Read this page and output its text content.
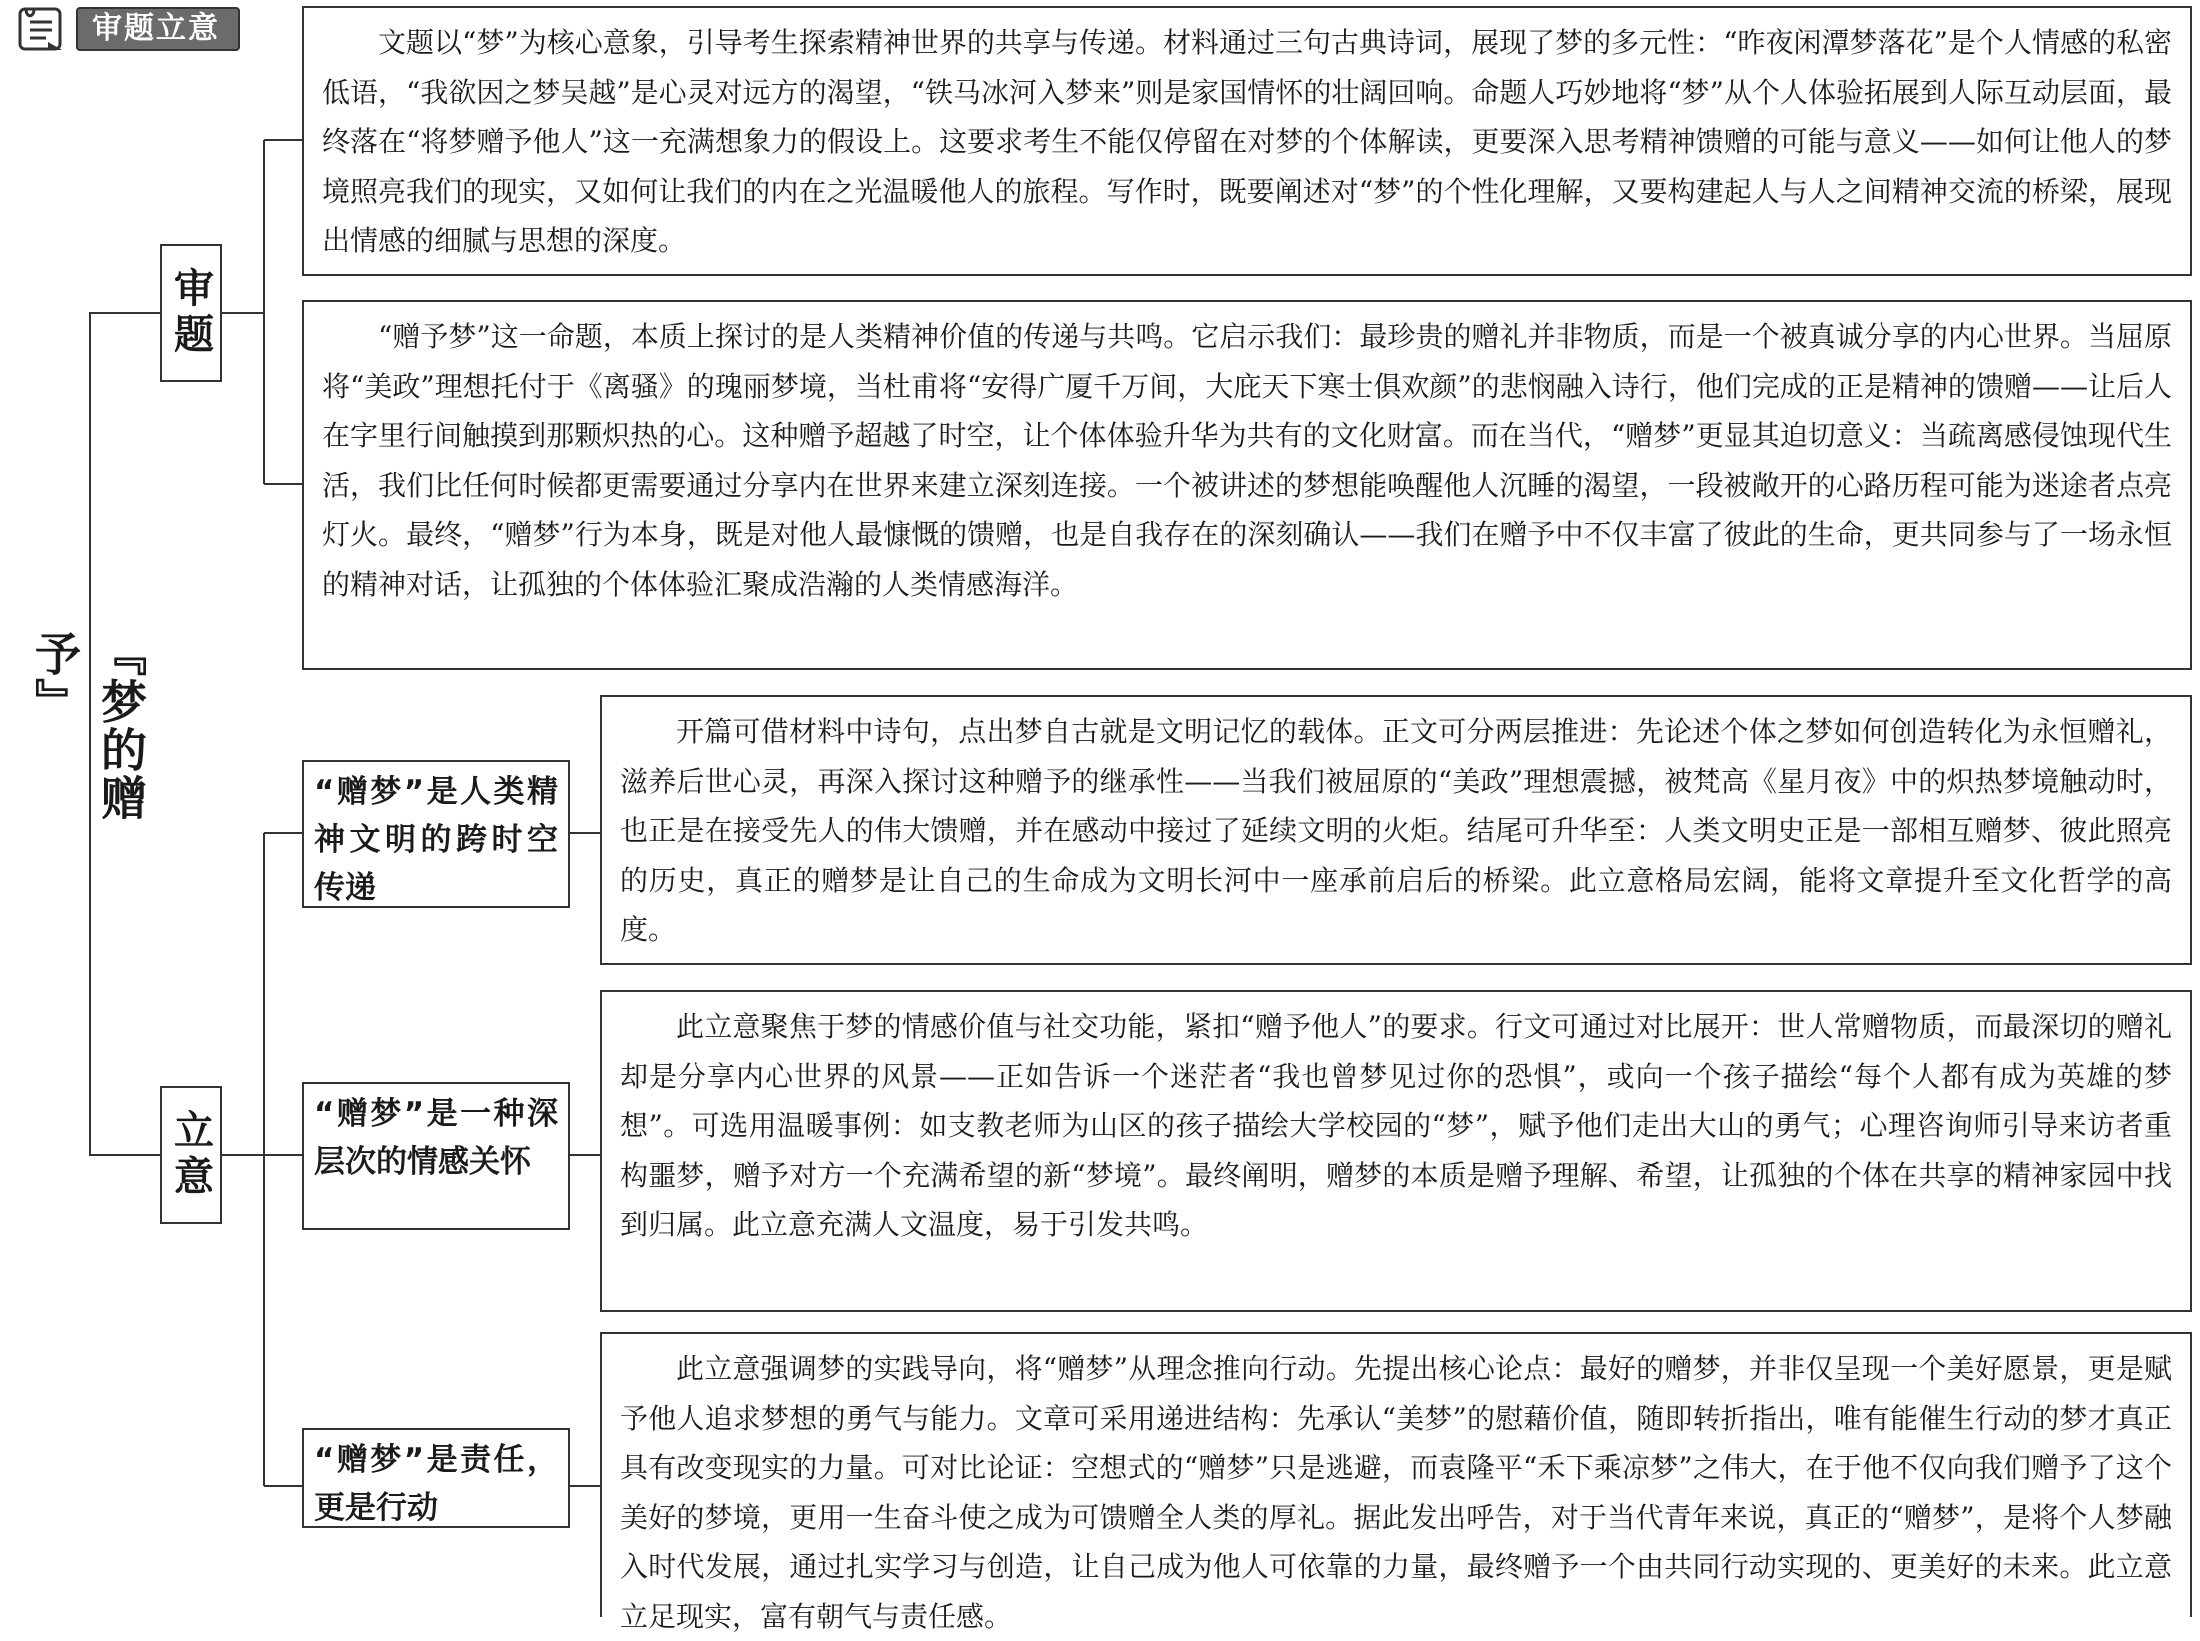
审题立意
『梦的赠予』
审题
立意
文题以“梦”为核心意象，引导考生探索精神世界的共享与传递。材料通过三句古典诗词，展现了梦的多元性：“昨夜闲潭梦落花”是个人情感的私密低语，“我欲因之梦吴越”是心灵对远方的渴望，“铁马冰河入梦来”则是家国情怀的壮阔回响。命题人巧妙地将“梦”从个人体验拓展到人际互动层面，最终落在“将梦赠予他人”这一充满想象力的假设上。这要求考生不能仅停留在对梦的个体解读，更要深入思考精神馈赠的可能与意义——如何让他人的梦境照亮我们的现实，又如何让我们的内在之光温暖他人的旅程。写作时，既要阐述对“梦”的个性化理解，又要构建起人与人之间精神交流的桥梁，展现出情感的细腻与思想的深度。
“赠予梦”这一命题，本质上探讨的是人类精神价值的传递与共鸣。它启示我们：最珍贵的赠礼并非物质，而是一个被真诚分享的内心世界。当屈原将“美政”理想托付于《离骚》的瑰丽梦境，当杜甫将“安得广厦千万间，大庇天下寒士俱欢颜”的悲悯融入诗行，他们完成的正是精神的馈赠——让后人在字里行间触摸到那颗炽热的心。这种赠予超越了时空，让个体体验升华为共有的文化财富。而在当代，“赠梦”更显其迫切意义：当疏离感侵蚀现代生活，我们比任何时候都更需要通过分享内在世界来建立深刻连接。一个被讲述的梦想能唤醒他人沉睡的渴望，一段被敞开的心路历程可能为迷途者点亮灯火。最终，“赠梦”行为本身，既是对他人最慷慨的馈赠，也是自我存在的深刻确认——我们在赠予中不仅丰富了彼此的生命，更共同参与了一场永恒的精神对话，让孤独的个体体验汇聚成浩瀚的人类情感海洋。
“赠梦”是人类精神文明的跨时空传递
“赠梦”是一种深层次的情感关怀
“赠梦”是责任，更是行动
开篇可借材料中诗句，点出梦自古就是文明记忆的载体。正文可分两层推进：先论述个体之梦如何创造转化为永恒赠礼，滋养后世心灵，再深入探讨这种赠予的继承性——当我们被屈原的“美政”理想震撼，被梵高《星月夜》中的炽热梦境触动时，也正是在接受先人的伟大馈赠，并在感动中接过了延续文明的火炬。结尾可升华至：人类文明史正是一部相互赠梦、彼此照亮的历史，真正的赠梦是让自己的生命成为文明长河中一座承前启后的桥梁。此立意格局宏阔，能将文章提升至文化哲学的高度。
此立意聚焦于梦的情感价值与社交功能，紧扣“赠予他人”的要求。行文可通过对比展开：世人常赠物质，而最深切的赠礼却是分享内心世界的风景——正如告诉一个迷茫者“我也曾梦见过你的恐惧”，或向一个孩子描绘“每个人都有成为英雄的梦想”。可选用温暖事例：如支教老师为山区的孩子描绘大学校园的“梦”，赋予他们走出大山的勇气；心理咨询师引导来访者重构噩梦，赠予对方一个充满希望的新“梦境”。最终阐明，赠梦的本质是赠予理解、希望，让孤独的个体在共享的精神家园中找到归属。此立意充满人文温度，易于引发共鸣。
此立意强调梦的实践导向，将“赠梦”从理念推向行动。先提出核心论点：最好的赠梦，并非仅呈现一个美好愿景，更是赋予他人追求梦想的勇气与能力。文章可采用递进结构：先承认“美梦”的慰藉价值，随即转折指出，唯有能催生行动的梦才真正具有改变现实的力量。可对比论证：空想式的“赠梦”只是逃避，而袁隆平“禾下乘凉梦”之伟大，在于他不仅向我们赠予了这个美好的梦境，更用一生奋斗使之成为可馈赠全人类的厚礼。据此发出呼告，对于当代青年来说，真正的“赠梦”，是将个人梦融入时代发展，通过扎实学习与创造，让自己成为他人可依靠的力量，最终赠予一个由共同行动实现的、更美好的未来。此立意立足现实，富有朝气与责任感。
